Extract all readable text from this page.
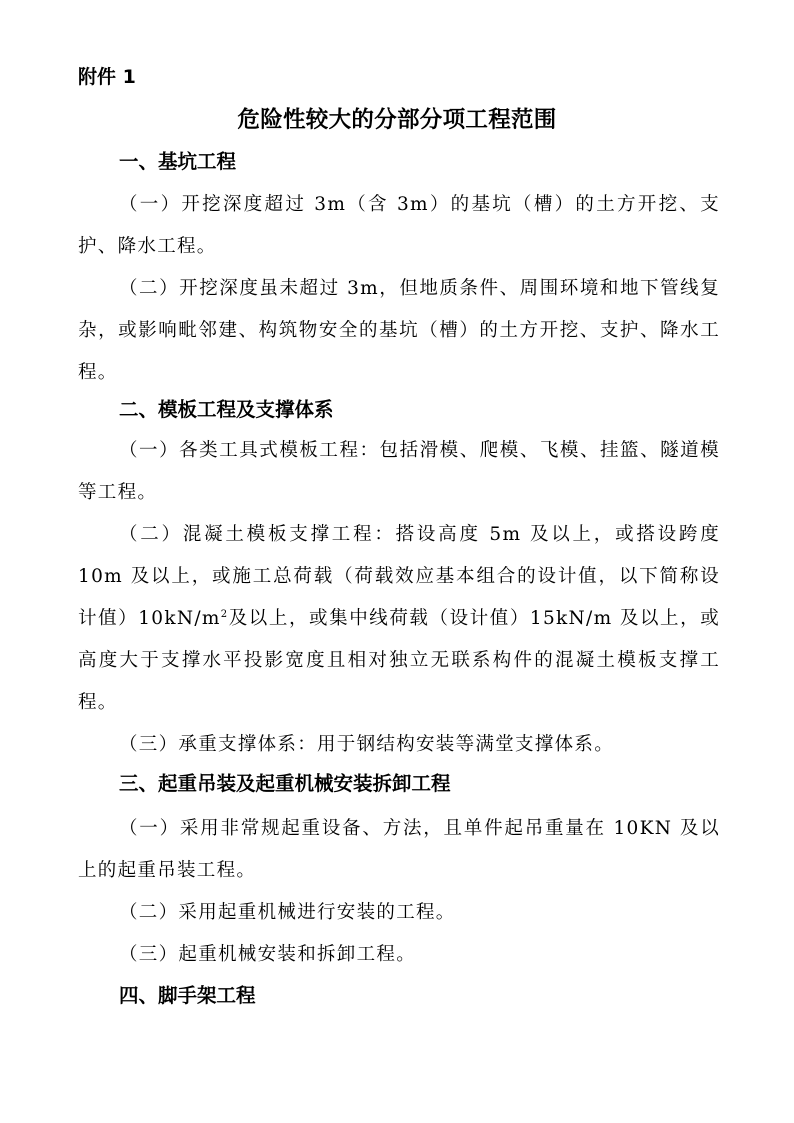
附件 1

危险性较大的分部分项工程范围
一、基坑工程

（一）开挖深度超过 3m（含 3m）的基坑（槽）的土方开挖、支护、降水工程。

（二）开挖深度虽未超过 3m，但地质条件、周围环境和地下管线复杂，或影响毗邻建、构筑物安全的基坑（槽）的土方开挖、支护、降水工程。

二、模板工程及支撑体系

（一）各类工具式模板工程：包括滑模、爬模、飞模、挂篮、隧道模等工程。

（二）混凝土模板支撑工程：搭设高度 5m 及以上，或搭设跨度 10m 及以上，或施工总荷载（荷载效应基本组合的设计值，以下简称设计值）$10kN/m^2$及以上，或集中线荷载（设计值）15kN/m 及以上，或高度大于支撑水平投影宽度且相对独立无联系构件的混凝土模板支撑工程。

（三）承重支撑体系：用于钢结构安装等满堂支撑体系。

三、起重吊装及起重机械安装拆卸工程

（一）采用非常规起重设备、方法，且单件起吊重量在 10KN 及以上的起重吊装工程。

（二）采用起重机械进行安装的工程。

（三）起重机械安装和拆卸工程。

四、脚手架工程
